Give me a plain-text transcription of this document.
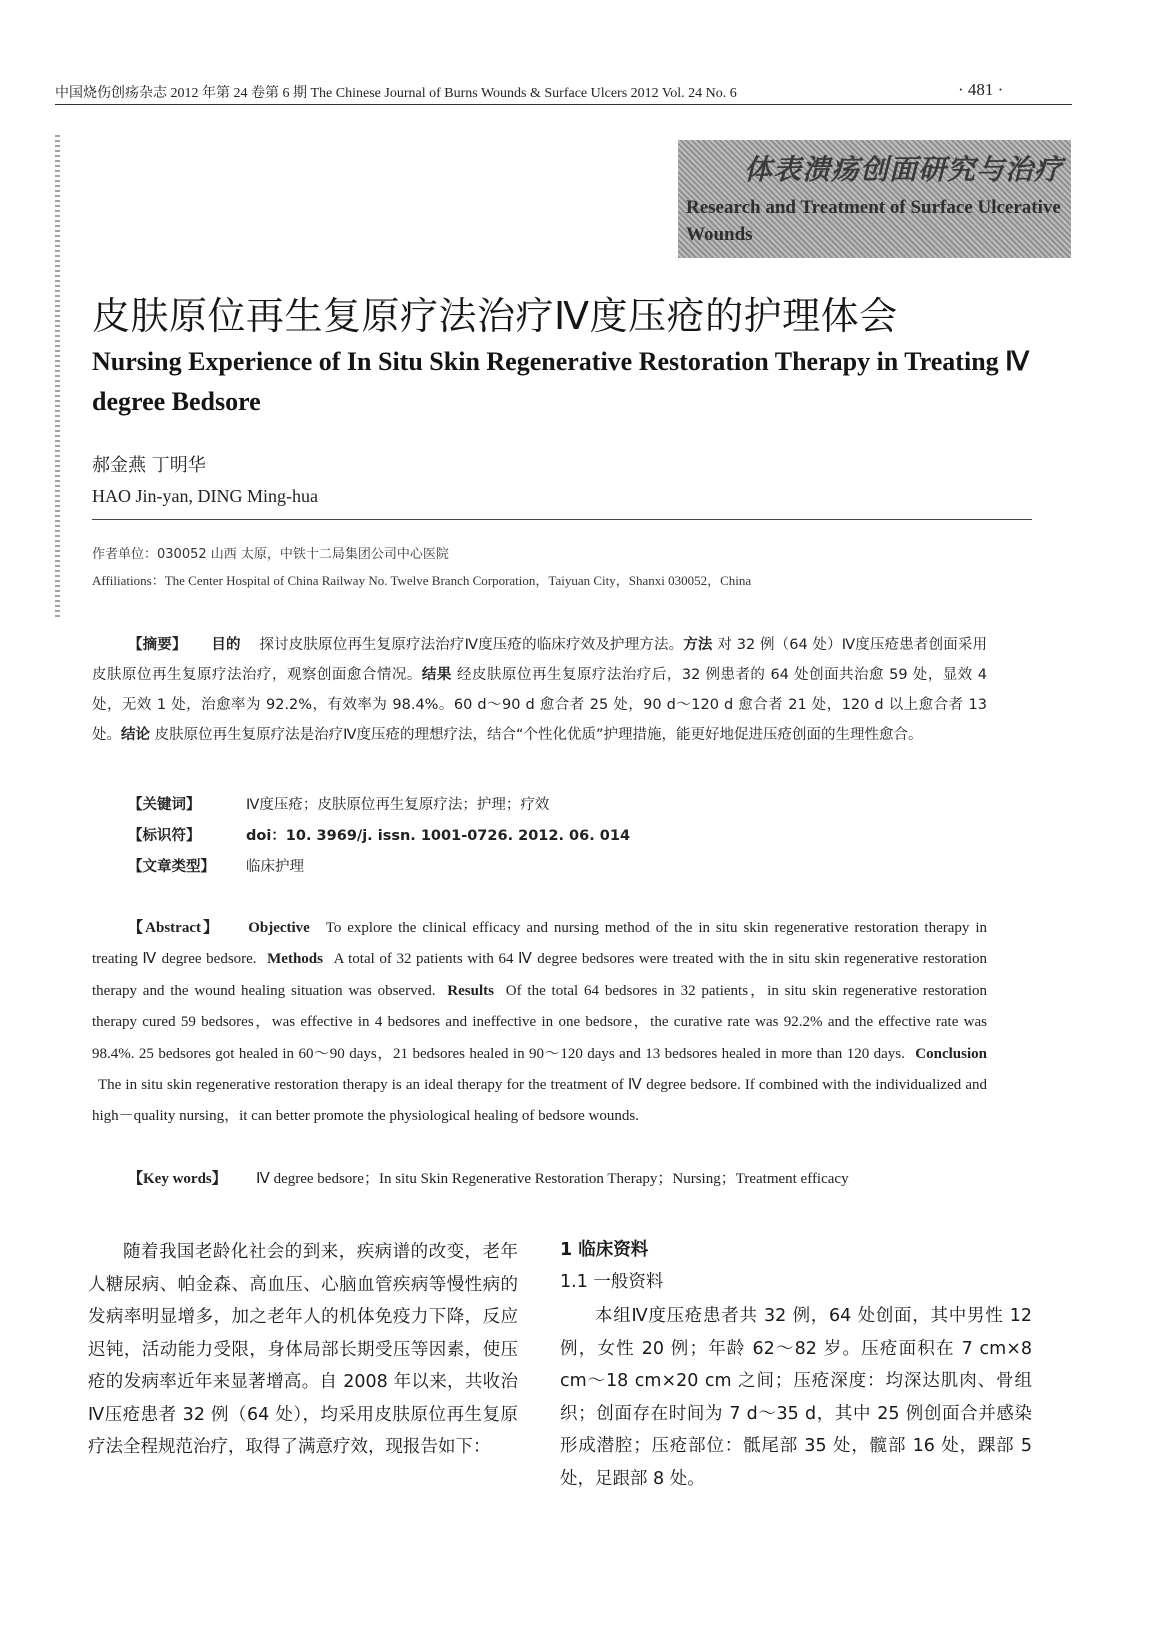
中国烧伤创疡杂志 2012 年第 24 卷第 6 期 The Chinese Journal of Burns Wounds & Surface Ulcers 2012 Vol. 24 No. 6	· 481 ·
体表溃疡创面研究与治疗
Research and Treatment of Surface Ulcerative Wounds
皮肤原位再生复原疗法治疗Ⅳ度压疮的护理体会
Nursing Experience of In Situ Skin Regenerative Restoration Therapy in Treating Ⅳ degree Bedsore
郝金燕 丁明华
HAO Jin-yan, DING Ming-hua
作者单位：030052 山西 太原，中铁十二局集团公司中心医院
Affiliations：The Center Hospital of China Railway No. Twelve Branch Corporation，Taiyuan City，Shanxi 030052，China
【摘要】 目的 探讨皮肤原位再生复原疗法治疗Ⅳ度压疮的临床疗效及护理方法。方法 对 32 例（64 处）Ⅳ度压疮患者创面采用皮肤原位再生复原疗法治疗，观察创面愈合情况。结果 经皮肤原位再生复原疗法治疗后，32 例患者的 64 处创面共治愈 59 处，显效 4 处，无效 1 处，治愈率为 92.2%，有效率为 98.4%。60 d～90 d 愈合者 25 处，90 d～120 d 愈合者 21 处，120 d 以上愈合者 13 处。结论 皮肤原位再生复原疗法是治疗Ⅳ度压疮的理想疗法，结合“个性化优质”护理措施，能更好地促进压疮创面的生理性愈合。
【关键词】	Ⅳ度压疮；皮肤原位再生复原疗法；护理；疗效
【标识符】	doi：10. 3969/j. issn. 1001-0726. 2012. 06. 014
【文章类型】 临床护理
【Abstract】 Objective To explore the clinical efficacy and nursing method of the in situ skin regenerative restoration therapy in treating Ⅳ degree bedsore. Methods A total of 32 patients with 64 Ⅳ degree bedsores were treated with the in situ skin regenerative restoration therapy and the wound healing situation was observed. Results Of the total 64 bedsores in 32 patients，in situ skin regenerative restoration therapy cured 59 bedsores，was effective in 4 bedsores and ineffective in one bedsore，the curative rate was 92.2% and the effective rate was 98.4%. 25 bedsores got healed in 60～90 days，21 bedsores healed in 90～120 days and 13 bedsores healed in more than 120 days. Conclusion The in situ skin regenerative restoration therapy is an ideal therapy for the treatment of Ⅳ degree bedsore. If combined with the individualized and high－quality nursing，it can better promote the physiological healing of bedsore wounds.
【Key words】 Ⅳ degree bedsore；In situ Skin Regenerative Restoration Therapy；Nursing；Treatment efficacy
随着我国老龄化社会的到来，疾病谱的改变，老年人糖尿病、帕金森、高血压、心脑血管疾病等慢性病的发病率明显增多，加之老年人的机体免疫力下降，反应迟钝，活动能力受限，身体局部长期受压等因素，使压疮的发病率近年来显著增高。自 2008 年以来，共收治Ⅳ压疮患者 32 例（64 处），均采用皮肤原位再生复原疗法全程规范治疗，取得了满意疗效，现报告如下：
1 临床资料
1.1 一般资料
本组Ⅳ度压疮患者共 32 例，64 处创面，其中男性 12 例，女性 20 例；年龄 62～82 岁。压疮面积在 7 cm×8 cm～18 cm×20 cm 之间；压疮深度：均深达肌肉、骨组织；创面存在时间为 7 d～35 d，其中 25 例创面合并感染形成潜腔；压疮部位：骶尾部 35 处，髋部 16 处，踝部 5 处，足跟部 8 处。
